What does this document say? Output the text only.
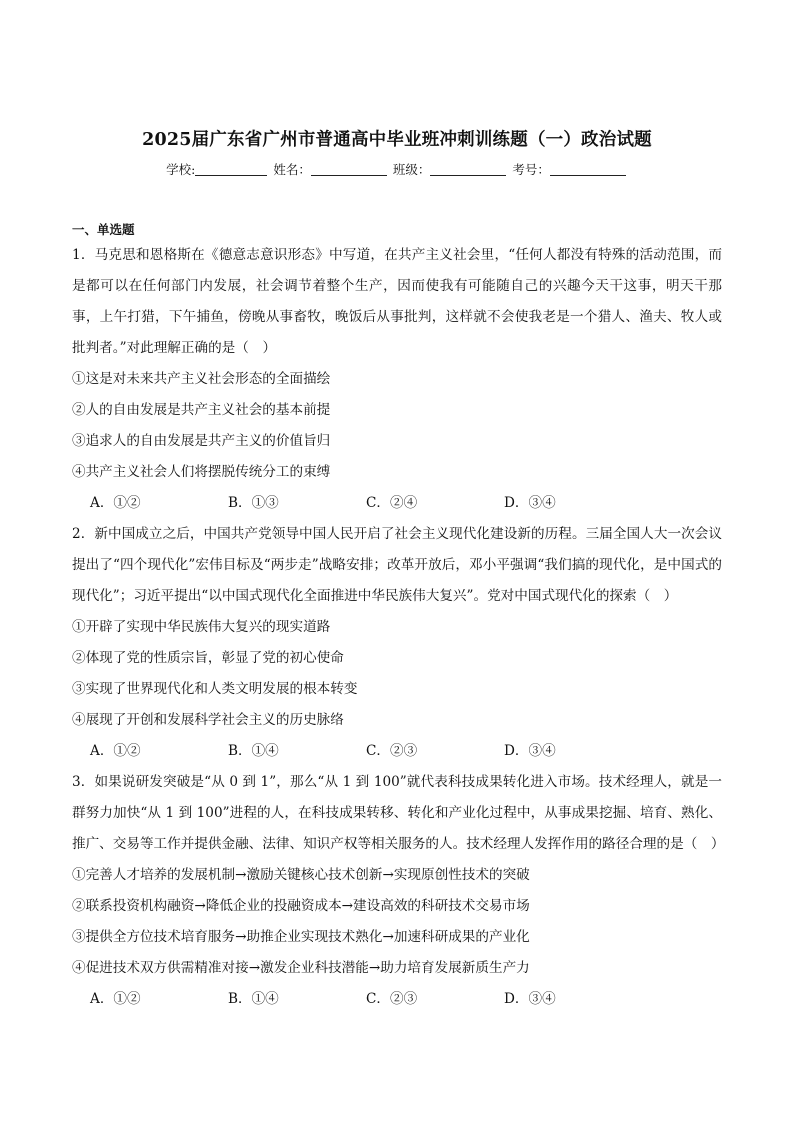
2025届广东省广州市普通高中毕业班冲刺训练题（一）政治试题
学校:	姓名：	班级：	考号：
一、单选题

1．马克思和恩格斯在《德意志意识形态》中写道，在共产主义社会里，“任何人都没有特殊的活动范围，而是都可以在任何部门内发展，社会调节着整个生产，因而使我有可能随自己的兴趣今天干这事，明天干那事，上午打猎，下午捕鱼，傍晚从事畜牧，晚饭后从事批判，这样就不会使我老是一个猎人、渔夫、牧人或批判者。”对此理解正确的是（　）

①这是对未来共产主义社会形态的全面描绘
②人的自由发展是共产主义社会的基本前提
③追求人的自由发展是共产主义的价值旨归
④共产主义社会人们将摆脱传统分工的束缚
A．①②	B．①③	C．②④	D．③④

2．新中国成立之后，中国共产党领导中国人民开启了社会主义现代化建设新的历程。三届全国人大一次会议提出了“四个现代化”宏伟目标及“两步走”战略安排；改革开放后，邓小平强调“我们搞的现代化，是中国式的现代化”；习近平提出“以中国式现代化全面推进中华民族伟大复兴”。党对中国式现代化的探索（　）

①开辟了实现中华民族伟大复兴的现实道路
②体现了党的性质宗旨，彰显了党的初心使命
③实现了世界现代化和人类文明发展的根本转变
④展现了开创和发展科学社会主义的历史脉络
A．①②	B．①④	C．②③	D．③④

3．如果说研发突破是“从 0 到 1”，那么“从 1 到 100”就代表科技成果转化进入市场。技术经理人，就是一群努力加快“从 1 到 100”进程的人，在科技成果转移、转化和产业化过程中，从事成果挖掘、培育、熟化、推广、交易等工作并提供金融、法律、知识产权等相关服务的人。技术经理人发挥作用的路径合理的是（　）

①完善人才培养的发展机制→激励关键核心技术创新→实现原创性技术的突破
②联系投资机构融资→降低企业的投融资成本→建设高效的科研技术交易市场
③提供全方位技术培育服务→助推企业实现技术熟化→加速科研成果的产业化
④促进技术双方供需精准对接→激发企业科技潜能→助力培育发展新质生产力
A．①②	B．①④	C．②③	D．③④
